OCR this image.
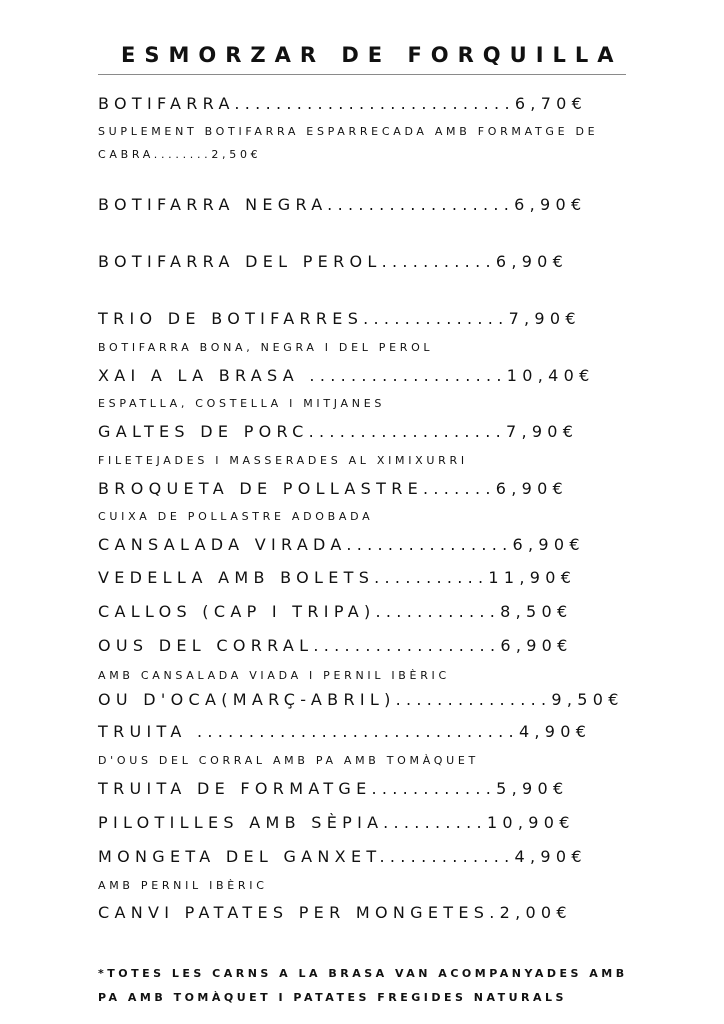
ESMORZAR DE FORQUILLA
BOTIFARRA...........................6,70€
SUPLEMENT BOTIFARRA ESPARRECADA AMB FORMATGE DE
CABRA........2,50€
BOTIFARRA NEGRA..................6,90€
BOTIFARRA DEL PEROL...........6,90€
TRIO DE BOTIFARRES..............7,90€
BOTIFARRA BONA, NEGRA I DEL PEROL
XAI A LA BRASA ...................10,40€
ESPATLLA, COSTELLA I MITJANES
GALTES DE PORC...................7,90€
FILETEJADES I MASSERADES AL XIMIXURRI
BROQUETA DE POLLASTRE.......6,90€
CUIXA DE POLLASTRE ADOBADA
CANSALADA VIRADA................6,90€
VEDELLA AMB BOLETS...........11,90€
CALLOS (CAP I TRIPA)............8,50€
OUS DEL CORRAL..................6,90€
AMB CANSALADA VIADA I PERNIL IBÈRIC
OU D'OCA(MARÇ-ABRIL)...............9,50€
TRUITA ...............................4,90€
D'OUS DEL CORRAL AMB PA AMB TOMÀQUET
TRUITA DE FORMATGE............5,90€
PILOTILLES AMB SÈPIA..........10,90€
MONGETA DEL GANXET.............4,90€
AMB PERNIL IBÈRIC
CANVI PATATES PER MONGETES.2,00€
*TOTES LES CARNS A LA BRASA VAN ACOMPANYADES AMB
PA AMB TOMÀQUET I PATATES FREGIDES NATURALS
